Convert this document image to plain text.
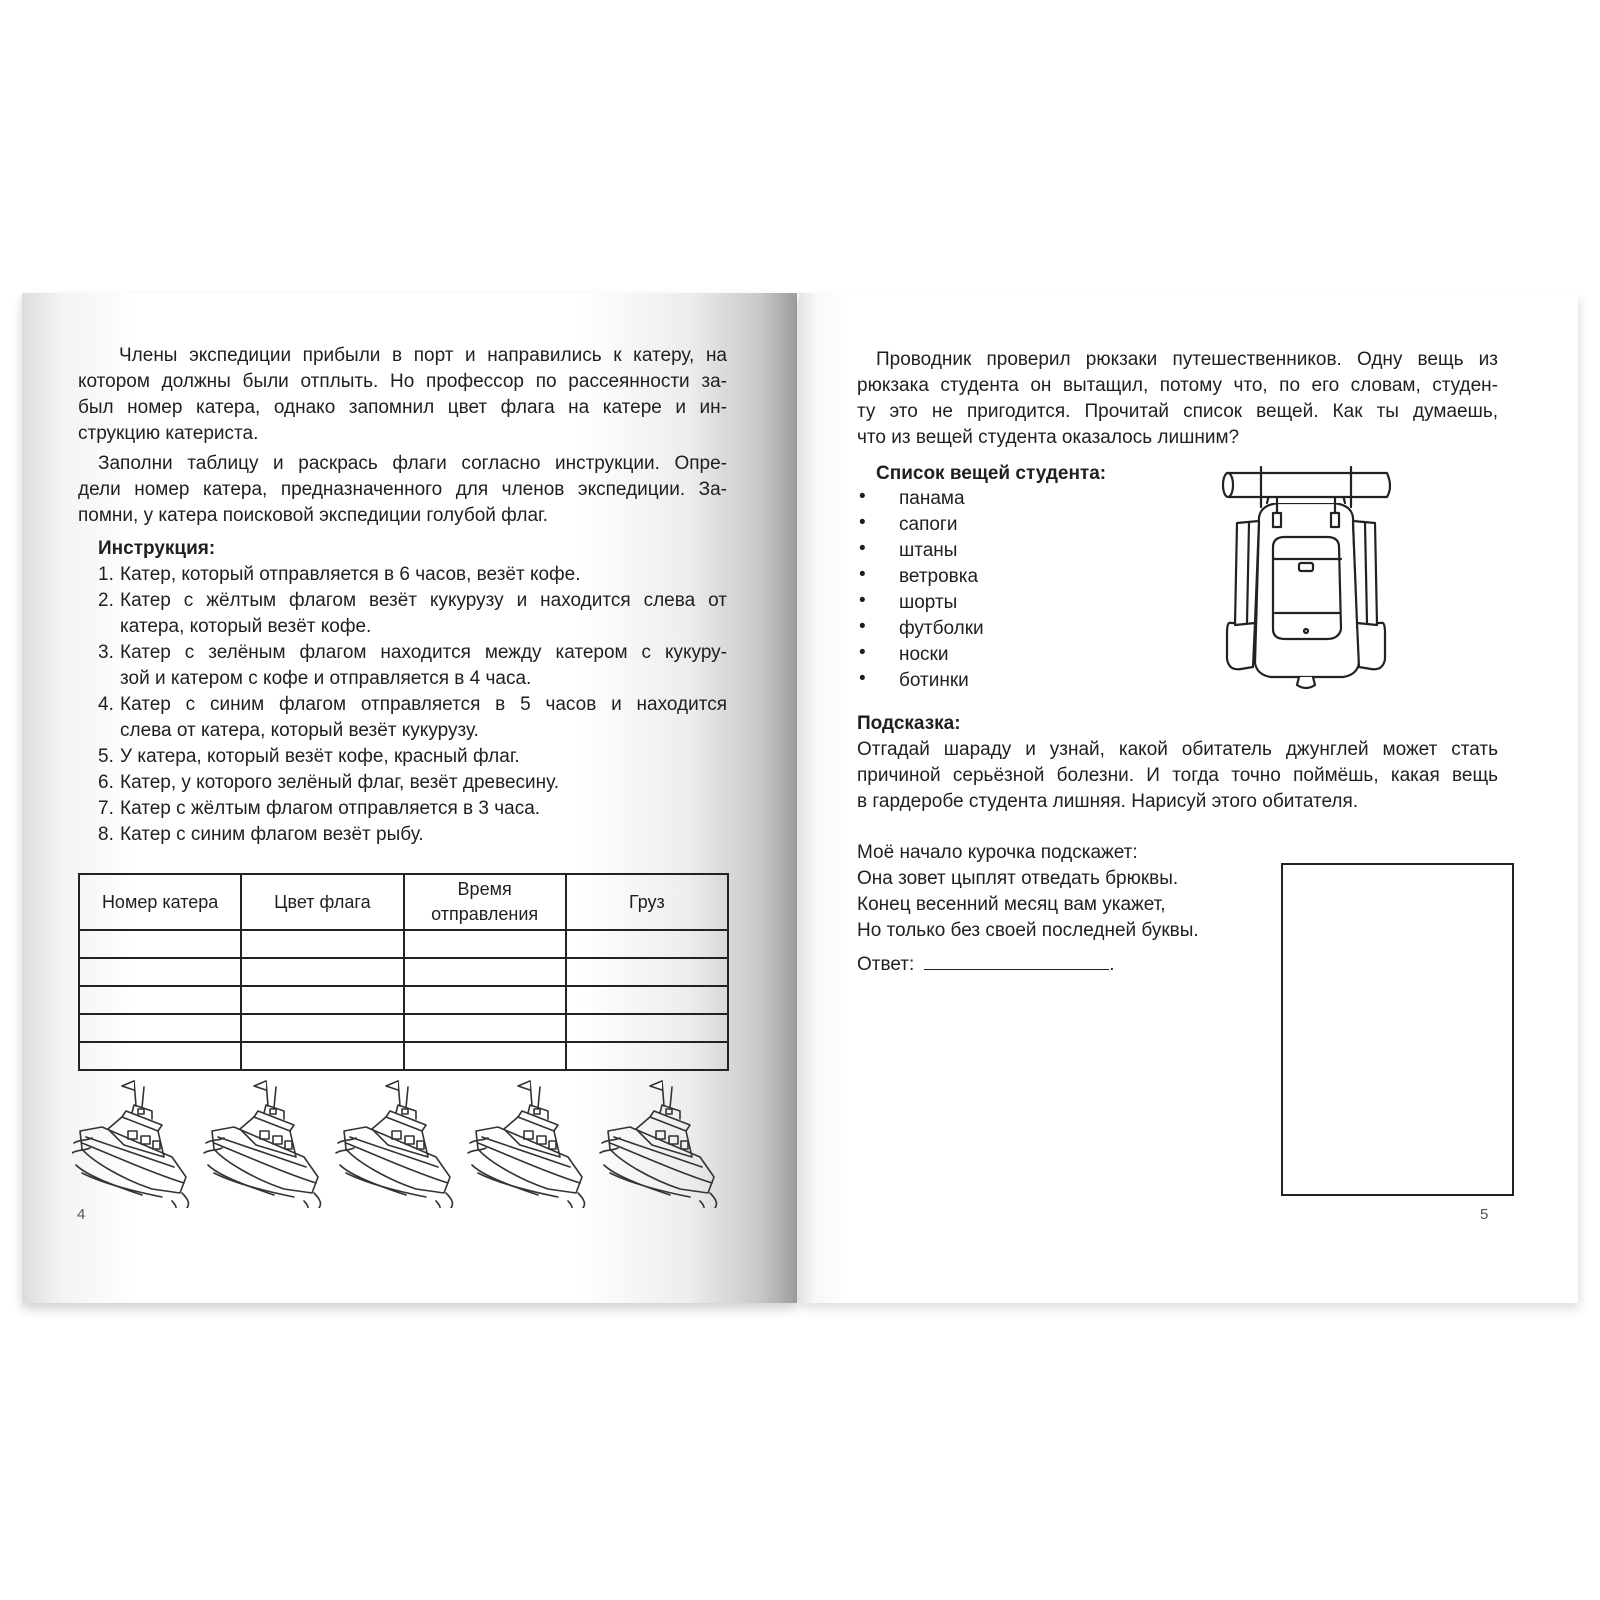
Члены экспедиции прибыли в порт и направились к катеру, на
котором должны были отплыть. Но профессор по рассеянности за-
был номер катера, однако запомнил цвет флага на катере и ин-
струкцию катериста.
Заполни таблицу и раскрась флаги согласно инструкции. Опре-
дели номер катера, предназначенного для членов экспедиции. За-
помни, у катера поисковой экспедиции голубой флаг.
Инструкция:
1. Катер, который отправляется в 6 часов, везёт кофе.
2. Катер с жёлтым флагом везёт кукурузу и находится слева от
катера, который везёт кофе.
3. Катер с зелёным флагом находится между катером с кукуру-
зой и катером с кофе и отправляется в 4 часа.
4. Катер с синим флагом отправляется в 5 часов и находится
слева от катера, который везёт кукурузу.
5. У катера, который везёт кофе, красный флаг.
6. Катер, у которого зелёный флаг, везёт древесину.
7. Катер с жёлтым флагом отправляется в 3 часа.
8. Катер с синим флагом везёт рыбу.
Номер катера	Цвет флага	Время отправления	Груз

4
Проводник проверил рюкзаки путешественников. Одну вещь из
рюкзака студента он вытащил, потому что, по его словам, студен-
ту это не пригодится. Прочитай список вещей. Как ты думаешь,
что из вещей студента оказалось лишним?
Список вещей студента:
• панама
• сапоги
• штаны
• ветровка
• шорты
• футболки
• носки
• ботинки
Подсказка:
Отгадай шараду и узнай, какой обитатель джунглей может стать
причиной серьёзной болезни. И тогда точно поймёшь, какая вещь
в гардеробе студента лишняя. Нарисуй этого обитателя.
Моё начало курочка подскажет:
Она зовет цыплят отведать брюквы.
Конец весенний месяц вам укажет,
Но только без своей последней буквы.
Ответ:	.
5
